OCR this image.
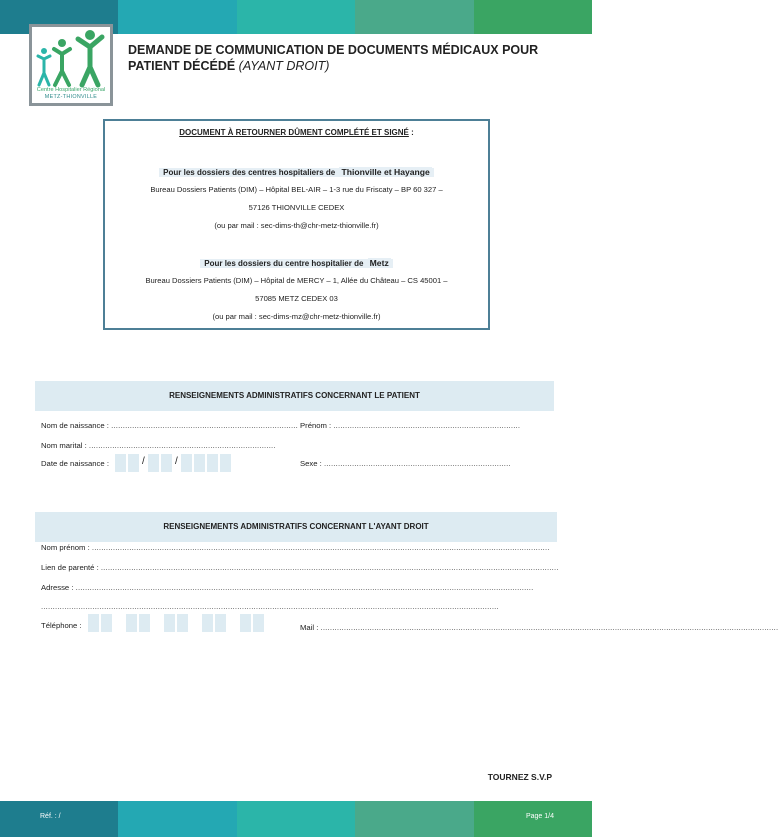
Centre Hospitalier Régional
METZ-THIONVILLE
DEMANDE DE COMMUNICATION DE DOCUMENTS MÉDICAUX POUR PATIENT DÉCÉDÉ (AYANT DROIT)
DOCUMENT À RETOURNER DÛMENT COMPLÉTÉ ET SIGNÉ :
Pour les dossiers des centres hospitaliers de Thionville et Hayange
Bureau Dossiers Patients (DIM) – Hôpital BEL-AIR – 1-3 rue du Friscaty – BP 60 327 –
57126 THIONVILLE CEDEX
(ou par mail : sec-dims-th@chr-metz-thionville.fr)
Pour les dossiers du centre hospitalier de Metz
Bureau Dossiers Patients (DIM) – Hôpital de MERCY – 1, Allée du Château – CS 45001 –
57085 METZ CEDEX 03
(ou par mail : sec-dims-mz@chr-metz-thionville.fr)
RENSEIGNEMENTS ADMINISTRATIFS CONCERNANT LE PATIENT
Nom de naissance : ................................................................................ Prénom : ................................................................................
Nom marital : ................................................................................
Date de naissance :	/	/	Sexe : ................................................................................
RENSEIGNEMENTS ADMINISTRATIFS CONCERNANT L'AYANT DROIT
Nom prénom : ....................................................................................................................................................................................................
Lien de parenté : ....................................................................................................................................................................................................
Adresse : ....................................................................................................................................................................................................
....................................................................................................................................................................................................
Téléphone :	Mail : ....................................................................................................................................................................................................
TOURNEZ S.V.P
Réf. : /	Page 1/4
